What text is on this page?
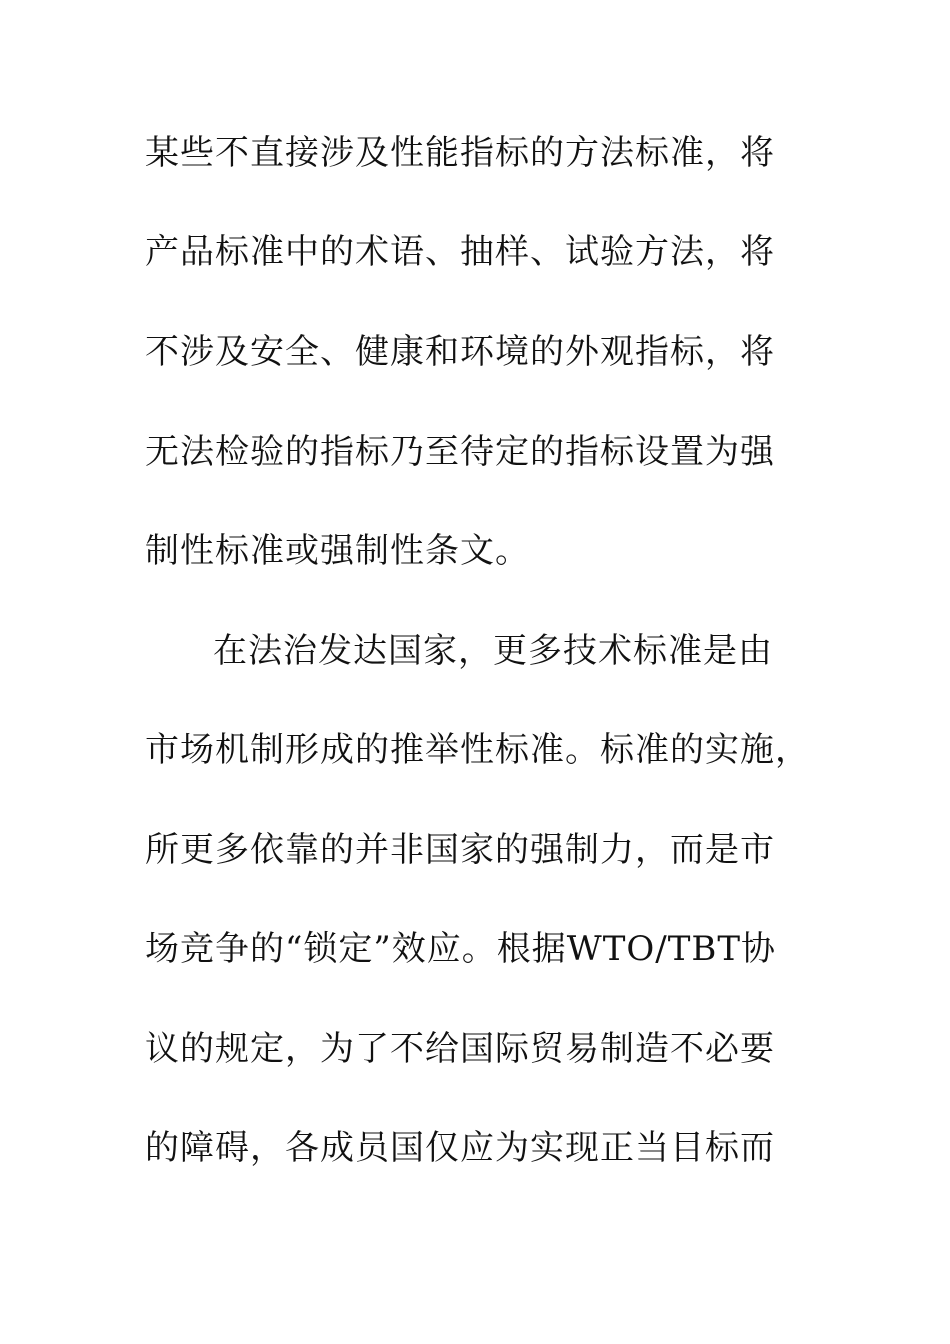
某些不直接涉及性能指标的方法标准，将
产品标准中的术语、抽样、试验方法，将
不涉及安全、健康和环境的外观指标，将
无法检验的指标乃至待定的指标设置为强
制性标准或强制性条文。
在法治发达国家，更多技术标准是由
市场机制形成的推举性标准。标准的实施，
所更多依靠的并非国家的强制力，而是市
场竞争的“锁定”效应。根据WTO/TBT协
议的规定，为了不给国际贸易制造不必要
的障碍，各成员国仅应为实现正当目标而
